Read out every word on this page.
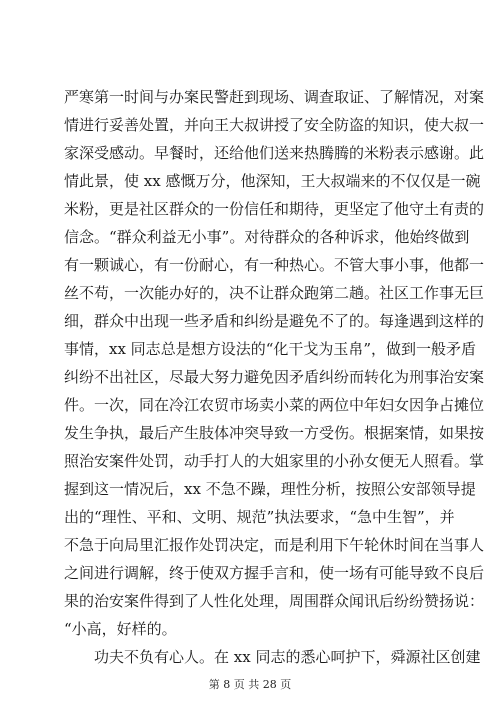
严寒第一时间与办案民警赶到现场、调查取证、了解情况，对案
情进行妥善处置，并向王大叔讲授了安全防盗的知识，使大叔一
家深受感动。早餐时，还给他们送来热腾腾的米粉表示感谢。此
情此景，使 xx 感慨万分，他深知，王大叔端来的不仅仅是一碗
米粉，更是社区群众的一份信任和期待，更坚定了他守土有责的
信念。“群众利益无小事”。对待群众的各种诉求，他始终做到
有一颗诚心，有一份耐心，有一种热心。不管大事小事，他都一
丝不苟，一次能办好的，决不让群众跑第二趟。社区工作事无巨
细，群众中出现一些矛盾和纠纷是避免不了的。每逢遇到这样的
事情，xx 同志总是想方设法的“化干戈为玉帛”，做到一般矛盾
纠纷不出社区，尽最大努力避免因矛盾纠纷而转化为刑事治安案
件。一次，同在冷江农贸市场卖小菜的两位中年妇女因争占摊位
发生争执，最后产生肢体冲突导致一方受伤。根据案情，如果按
照治安案件处罚，动手打人的大姐家里的小孙女便无人照看。掌
握到这一情况后，xx 不急不躁，理性分析，按照公安部领导提
出的“理性、平和、文明、规范”执法要求，“急中生智”，并
不急于向局里汇报作处罚决定，而是利用下午轮休时间在当事人
之间进行调解，终于使双方握手言和，使一场有可能导致不良后
果的治安案件得到了人性化处理，周围群众闻讯后纷纷赞扬说：
“小高，好样的。
功夫不负有心人。在 xx 同志的悉心呵护下，舜源社区创建
第 8 页 共 28 页
